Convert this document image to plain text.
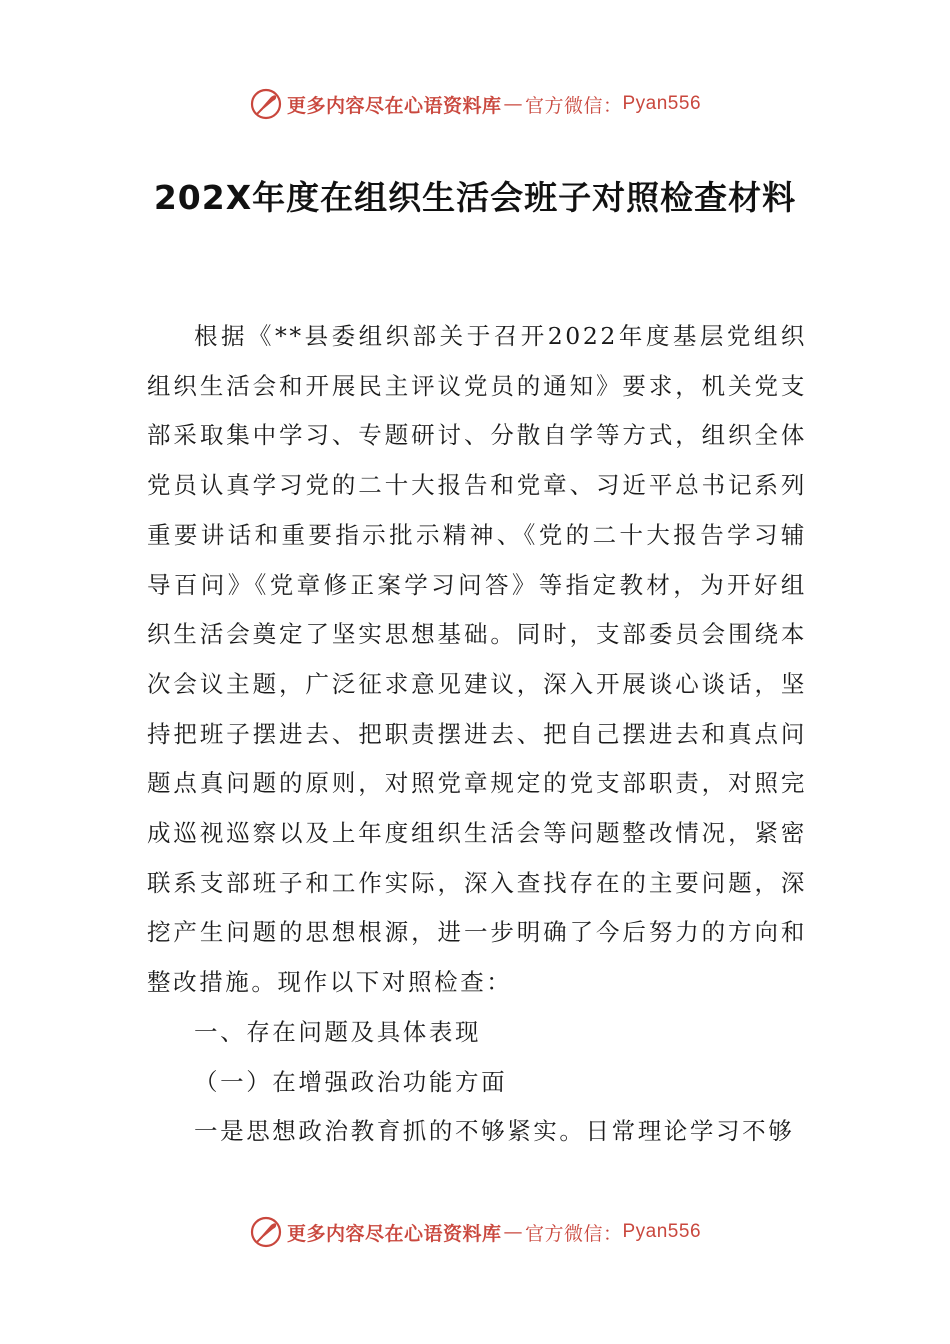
更多内容尽在心语资料库 — 官方微信： Pyan556
202X年度在组织生活会班子对照检查材料

根据《**县委组织部关于召开2022年度基层党组织组织生活会和开展民主评议党员的通知》要求，机关党支部采取集中学习、专题研讨、分散自学等方式，组织全体党员认真学习党的二十大报告和党章、习近平总书记系列重要讲话和重要指示批示精神、《党的二十大报告学习辅导百问》《党章修正案学习问答》等指定教材，为开好组织生活会奠定了坚实思想基础。同时，支部委员会围绕本次会议主题，广泛征求意见建议，深入开展谈心谈话，坚持把班子摆进去、把职责摆进去、把自己摆进去和真点问题点真问题的原则，对照党章规定的党支部职责，对照完成巡视巡察以及上年度组织生活会等问题整改情况，紧密联系支部班子和工作实际，深入查找存在的主要问题，深挖产生问题的思想根源，进一步明确了今后努力的方向和整改措施。现作以下对照检查：

一、存在问题及具体表现

（一）在增强政治功能方面

一是思想政治教育抓的不够紧实。日常理论学习不够

更多内容尽在心语资料库 — 官方微信： Pyan556
